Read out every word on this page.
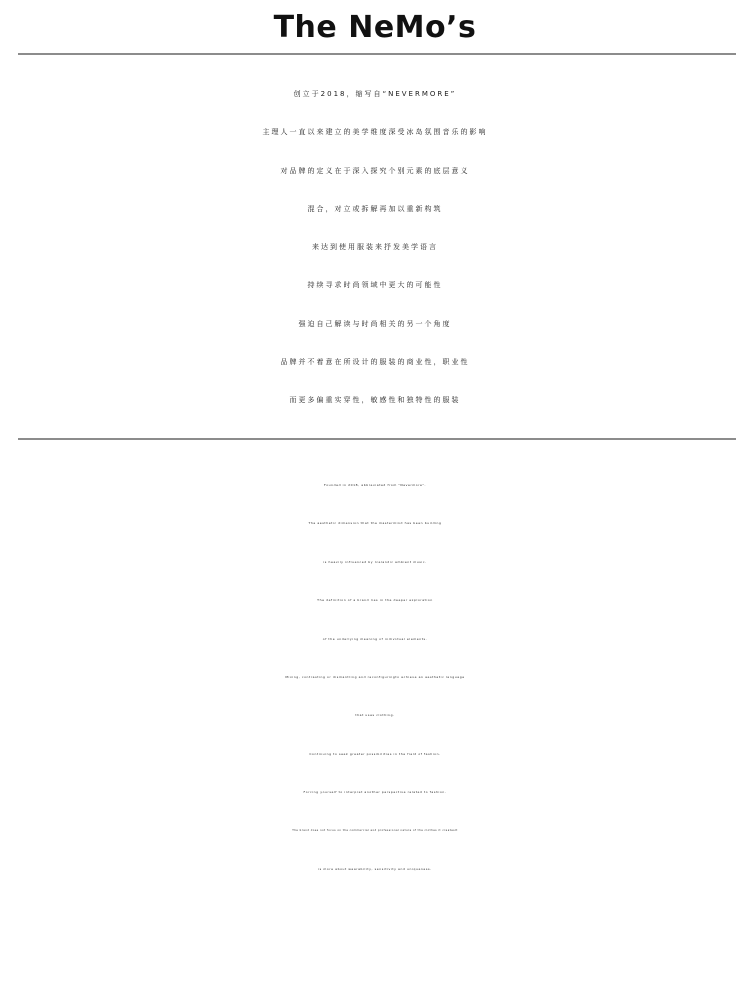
The NeMo’s
创立于2018，缩写自“NEVERMORE”
主理人一直以来建立的美学维度深受冰岛氛围音乐的影响
对品牌的定义在于深入探究个别元素的底层意义
混合，对立或拆解再加以重新构筑
来达到使用服装来抒发美学语言
持续寻求时尚领域中更大的可能性
强迫自己解读与时尚相关的另一个角度
品牌并不着意在所设计的服装的商业性，职业性
而更多偏重实穿性，敏感性和独特性的服装
Founded in 2018, abbreviated from "Nevermore".
The aesthetic dimension that the mastermind has been building
is heavily influenced by Icelandic ambient music.
The definition of a brand lies in the deeper exploration
of the underlying meaning of individual elements.
Mixing, contrasting or dismantling and reconfiguringto achieve an aesthetic language
that uses clothing.
Continuing to seek greater possibilities in the field of fashion.
Forcing yourself to interpret another perspective related to fashion.
The brand does not focus on the commercial and professional nature of the clothes it createsIt
is more about wearability, sensitivity and uniqueness.
